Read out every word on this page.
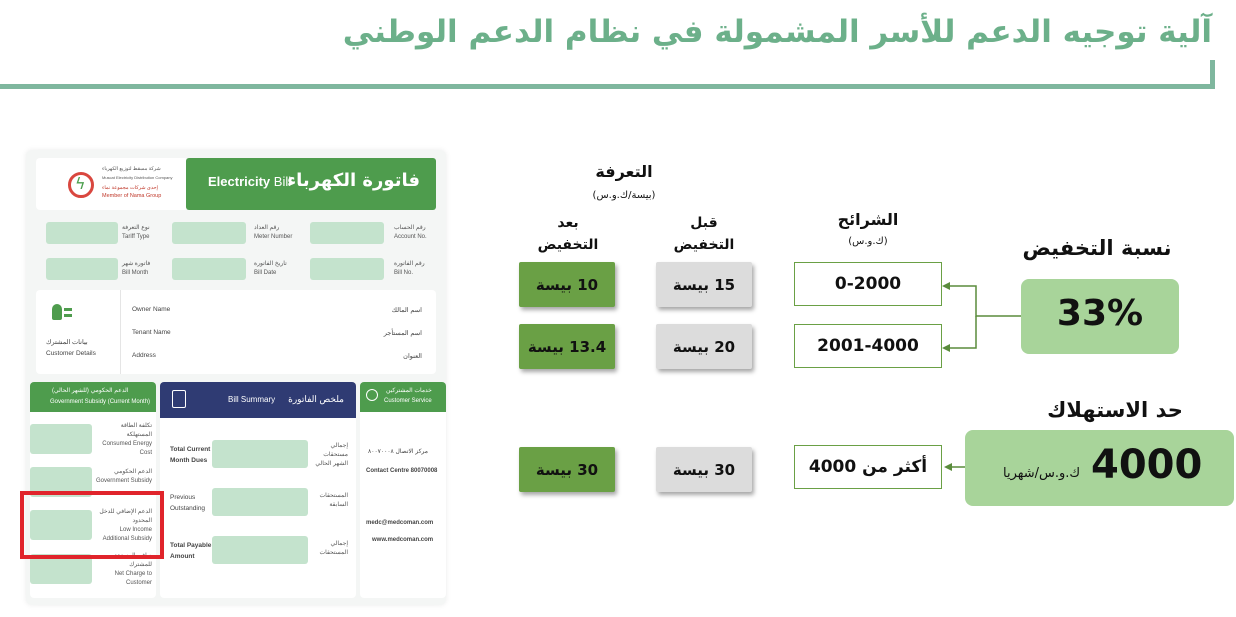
آلية توجيه الدعم للأسر المشمولة في نظام الدعم الوطني
ϟ
شركة مسقط لتوزيع الكهرباء
Muscat Electricity Distribution Company
إحدى شركات مجموعة نماء
Member of Nama Group
Electricity Bill
فاتورة الكهرباء
نوع التعرفة
Tariff Type
رقم العداد
Meter Number
رقم الحساب
Account No.
فاتورة شهر
Bill Month
تاريخ الفاتورة
Bill Date
رقم الفاتورة
Bill No.
بيانات المشترك
Customer Details
Owner Name	اسم المالك
Tenant Name	اسم المستأجر
Address	العنوان
الدعم الحكومي (للشهر الحالي)
Government Subsidy (Current Month)
تكلفة الطاقة المستهلكة
Consumed Energy Cost
الدعم الحكومي
Government Subsidy
الدعم الإضافي للدخل المحدود
Low Income Additional Subsidy
صافي المستحق للمشترك
Net Charge to Customer
Bill Summary ملخص الفاتورة
Total Current Month Dues
إجمالي مستحقات الشهر الحالي
Previous Outstanding
المستحقات السابقة
Total Payable Amount
إجمالي المستحقات
خدمات المشتركين
Customer Service
مركز الاتصال ٨٠٠٧٠٠٠٨
Contact Centre 80070008
medc@medcoman.com
www.medcoman.com
التعرفة
(بيسة/ك.و.س)
بعد
التخفيض
قبل
التخفيض
الشرائح
(ك.و.س)
10 بيسة	15 بيسة	0-2000
13.4 بيسة	20 بيسة	2001-4000
30 بيسة	30 بيسة	أكثر من 4000
نسبة التخفيض
33%
حد الاستهلاك
4000
ك.و.س/شهريا
